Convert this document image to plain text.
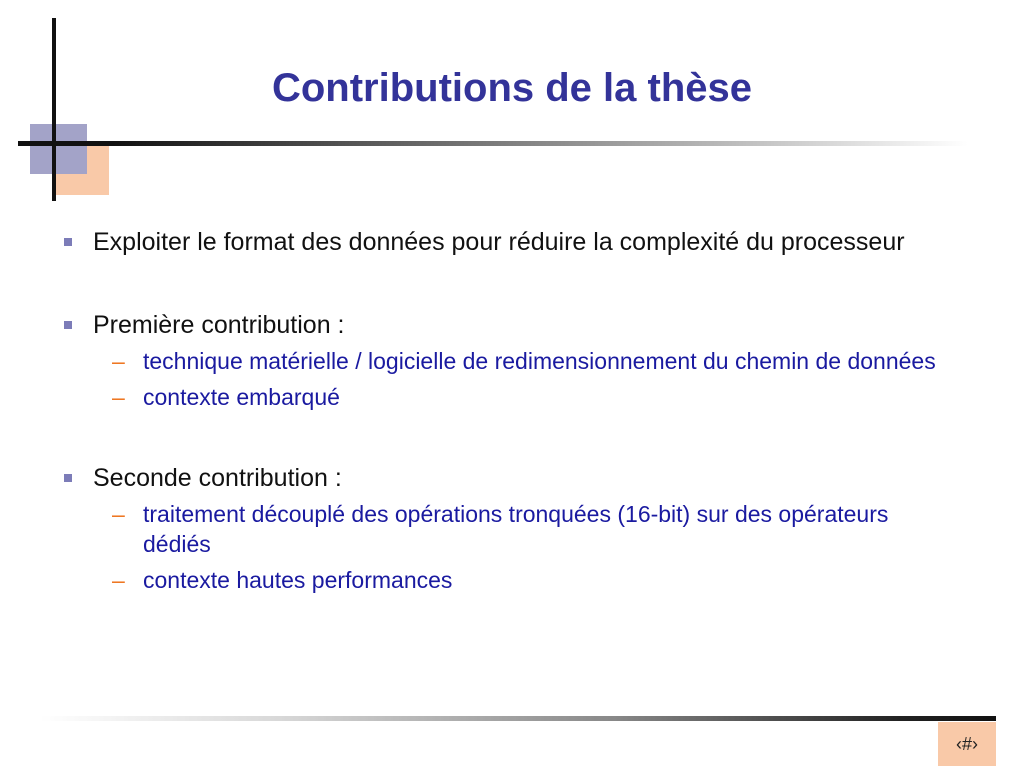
Contributions de la thèse
Exploiter le format des données pour réduire la complexité du processeur
Première contribution :
– technique matérielle / logicielle de redimensionnement du chemin de données
– contexte embarqué
Seconde contribution :
– traitement découplé des opérations tronquées (16-bit) sur des opérateurs dédiés
– contexte hautes performances
‹#›
